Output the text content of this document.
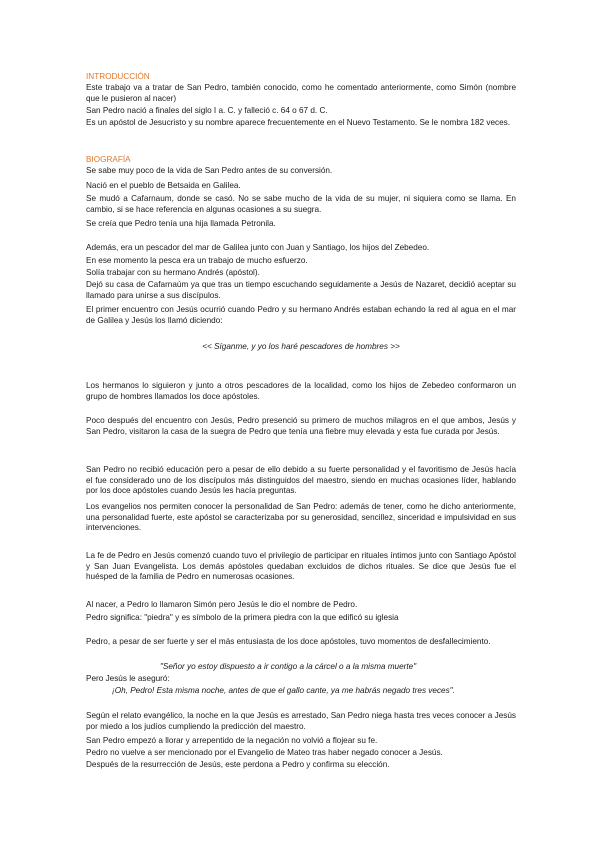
INTRODUCCIÓN

Este trabajo va a tratar de San Pedro, también conocido, como he comentado anteriormente, como Simón (nombre que le pusieron al nacer)

San Pedro nació a finales del siglo I a. C. y falleció c. 64 o 67 d. C.

Es un apóstol de Jesucristo y su nombre aparece frecuentemente en el Nuevo Testamento. Se le nombra 182 veces.

BIOGRAFÍA

Se sabe muy poco de la vida de San Pedro antes de su conversión.

Nació en el pueblo de Betsaida en Galilea.

Se mudó a Cafarnaum, donde se casó. No se sabe mucho de la vida de su mujer, ni siquiera como se llama. En cambio, si se hace referencia en algunas ocasiones a su suegra.

Se creía que Pedro tenía una hija llamada Petronila.

Además, era un pescador del mar de Galilea junto con Juan y Santiago, los hijos del Zebedeo.

En ese momento la pesca era un trabajo de mucho esfuerzo.

Solía trabajar con su hermano Andrés (apóstol).

Dejó su casa de Cafarnaúm ya que tras un tiempo escuchando seguidamente a Jesús de Nazaret, decidió aceptar su llamado para unirse a sus discípulos.

El primer encuentro con Jesús ocurrió cuando Pedro y su hermano Andrés estaban echando la red al agua en el mar de Galilea y Jesús los llamó diciendo:

<< Síganme, y yo los haré pescadores de hombres >>

Los hermanos lo siguieron y junto a otros pescadores de la localidad, como los hijos de Zebedeo conformaron un grupo de hombres llamados los doce apóstoles.

Poco después del encuentro con Jesús, Pedro presenció su primero de muchos milagros en el que ambos, Jesús y San Pedro, visitaron la casa de la suegra de Pedro que tenía una fiebre muy elevada y esta fue curada por Jesús.

San Pedro no recibió educación pero a pesar de ello debido a su fuerte personalidad y el favoritismo de Jesús hacía el fue considerado uno de los discípulos más distinguidos del maestro, siendo en muchas ocasiones líder, hablando por los doce apóstoles cuando Jesús les hacía preguntas.

Los evangelios nos permiten conocer la personalidad de San Pedro: además de tener, como he dicho anteriormente, una personalidad fuerte, este apóstol se caracterizaba por su generosidad, sencillez, sinceridad e impulsividad en sus intervenciones.

La fe de Pedro en Jesús comenzó cuando tuvo el privilegio de participar en rituales íntimos junto con Santiago Apóstol y San Juan Evangelista. Los demás apóstoles quedaban excluidos de dichos rituales. Se dice que Jesús fue el huésped de la familia de Pedro en numerosas ocasiones.

Al nacer, a Pedro lo llamaron Simón pero Jesús le dio el nombre de Pedro.

Pedro significa: "piedra" y es símbolo de la primera piedra con la que edificó su iglesia

Pedro, a pesar de ser fuerte y ser el más entusiasta de los doce apóstoles, tuvo momentos de desfallecimiento.

"Señor yo estoy dispuesto a ir contigo a la cárcel o a la misma muerte"

Pero Jesús le aseguró:

¡Oh, Pedro! Esta misma noche, antes de que el gallo cante, ya me habrás negado tres veces".

Según el relato evangélico, la noche en la que Jesús es arrestado, San Pedro niega hasta tres veces conocer a Jesús por miedo a los judíos cumpliendo la predicción del maestro.

San Pedro empezó a llorar y arrepentido de la negación no volvió a flojear su fe.

Pedro no vuelve a ser mencionado por el Evangelio de Mateo tras haber negado conocer a Jesús.

Después de la resurrección de Jesús, este perdona a Pedro y confirma su elección.
